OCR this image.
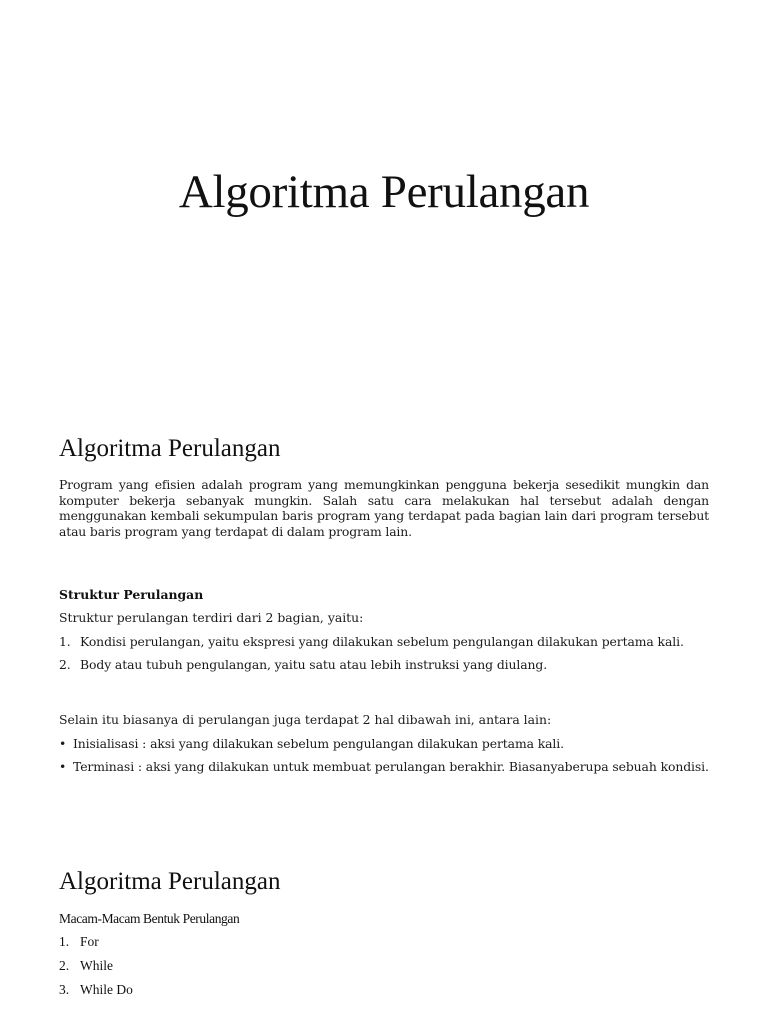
Algoritma Perulangan
Algoritma Perulangan

Program yang efisien adalah program yang memungkinkan pengguna bekerja sesedikit mungkin dan komputer bekerja sebanyak mungkin. Salah satu cara melakukan hal tersebut adalah dengan menggunakan kembali sekumpulan baris program yang terdapat pada bagian lain dari program tersebut atau baris program yang terdapat di dalam program lain.

Struktur Perulangan

Struktur perulangan terdiri dari 2 bagian, yaitu:

1. Kondisi perulangan, yaitu ekspresi yang dilakukan sebelum pengulangan dilakukan pertama kali.
2. Body atau tubuh pengulangan, yaitu satu atau lebih instruksi yang diulang.

Selain itu biasanya di perulangan juga terdapat 2 hal dibawah ini, antara lain:

• Inisialisasi : aksi yang dilakukan sebelum pengulangan dilakukan pertama kali.
• Terminasi : aksi yang dilakukan untuk membuat perulangan berakhir. Biasanyaberupa sebuah kondisi.
Algoritma Perulangan

Macam-Macam Bentuk Perulangan

1. For
2. While
3. While Do
